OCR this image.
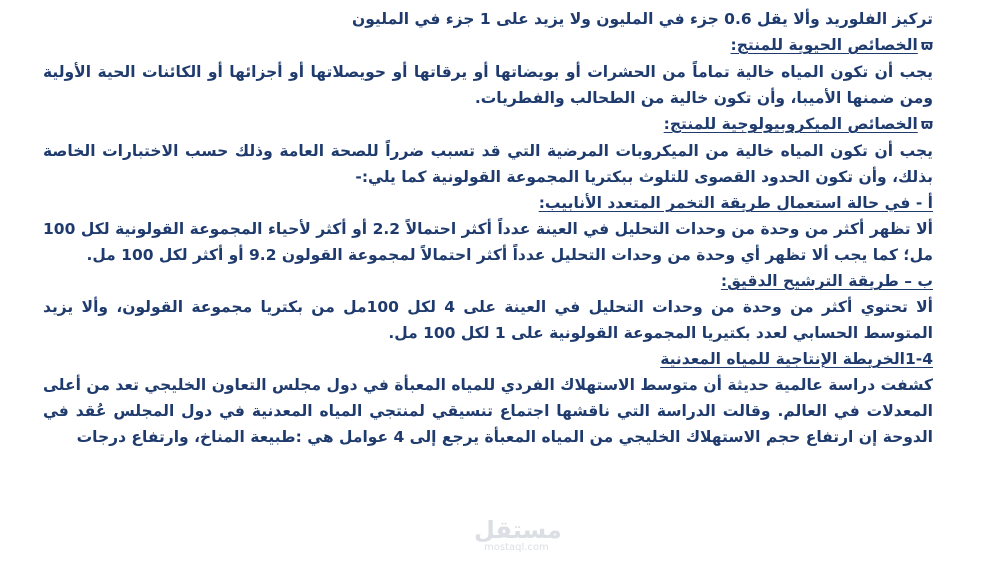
تركيز الفلوريد وألا يقل 0.6 جزء في المليون ولا يزيد على 1 جزء في المليون

ϖالخصائص الحيوية للمنتج:

يجب أن تكون المياه خالية تماماً من الحشرات أو بويضاتها أو يرقاتها أو حويصلاتها أو أجزائها أو الكائنات الحية الأولية ومن ضمنها الأميبا، وأن تكون خالية من الطحالب والفطريات.

ϖالخصائص الميكروبيولوجية للمنتج:

يجب أن تكون المياه خالية من الميكروبات المرضية التي قد تسبب ضرراً للصحة العامة وذلك حسب الاختبارات الخاصة بذلك، وأن تكون الحدود القصوى للتلوث ببكتريا المجموعة القولونية كما يلي:-

أ - في حالة استعمال طريقة التخمر المتعدد الأنابيب:

ألا تظهر أكثر من وحدة من وحدات التحليل في العينة عدداً أكثر احتمالاً 2.2 أو أكثر لأحياء المجموعة القولونية لكل 100 مل؛ كما يجب ألا تظهر أي وحدة من وحدات التحليل عدداً أكثر احتمالاً لمجموعة القولون 9.2 أو أكثر لكل 100 مل.

ب – طريقة الترشيح الدقيق:

ألا تحتوي أكثر من وحدة من وحدات التحليل في العينة على 4 لكل 100مل من بكتريا مجموعة القولون، وألا يزيد المتوسط الحسابي لعدد بكتيريا المجموعة القولونية على 1 لكل 100 مل.

1-4الخريطة الإنتاجية للمياه المعدنية

كشفت دراسة عالمية حديثة أن متوسط الاستهلاك الفردي للمياه المعبأة في دول مجلس التعاون الخليجي تعد من أعلى المعدلات في العالم. وقالت الدراسة التي ناقشها اجتماع تنسيقي لمنتجي المياه المعدنية في دول المجلس عُقد في الدوحة إن ارتفاع حجم الاستهلاك الخليجي من المياه المعبأة يرجع إلى 4 عوامل هي :طبيعة المناخ، وارتفاع درجات

مستقل
mostaql.com
